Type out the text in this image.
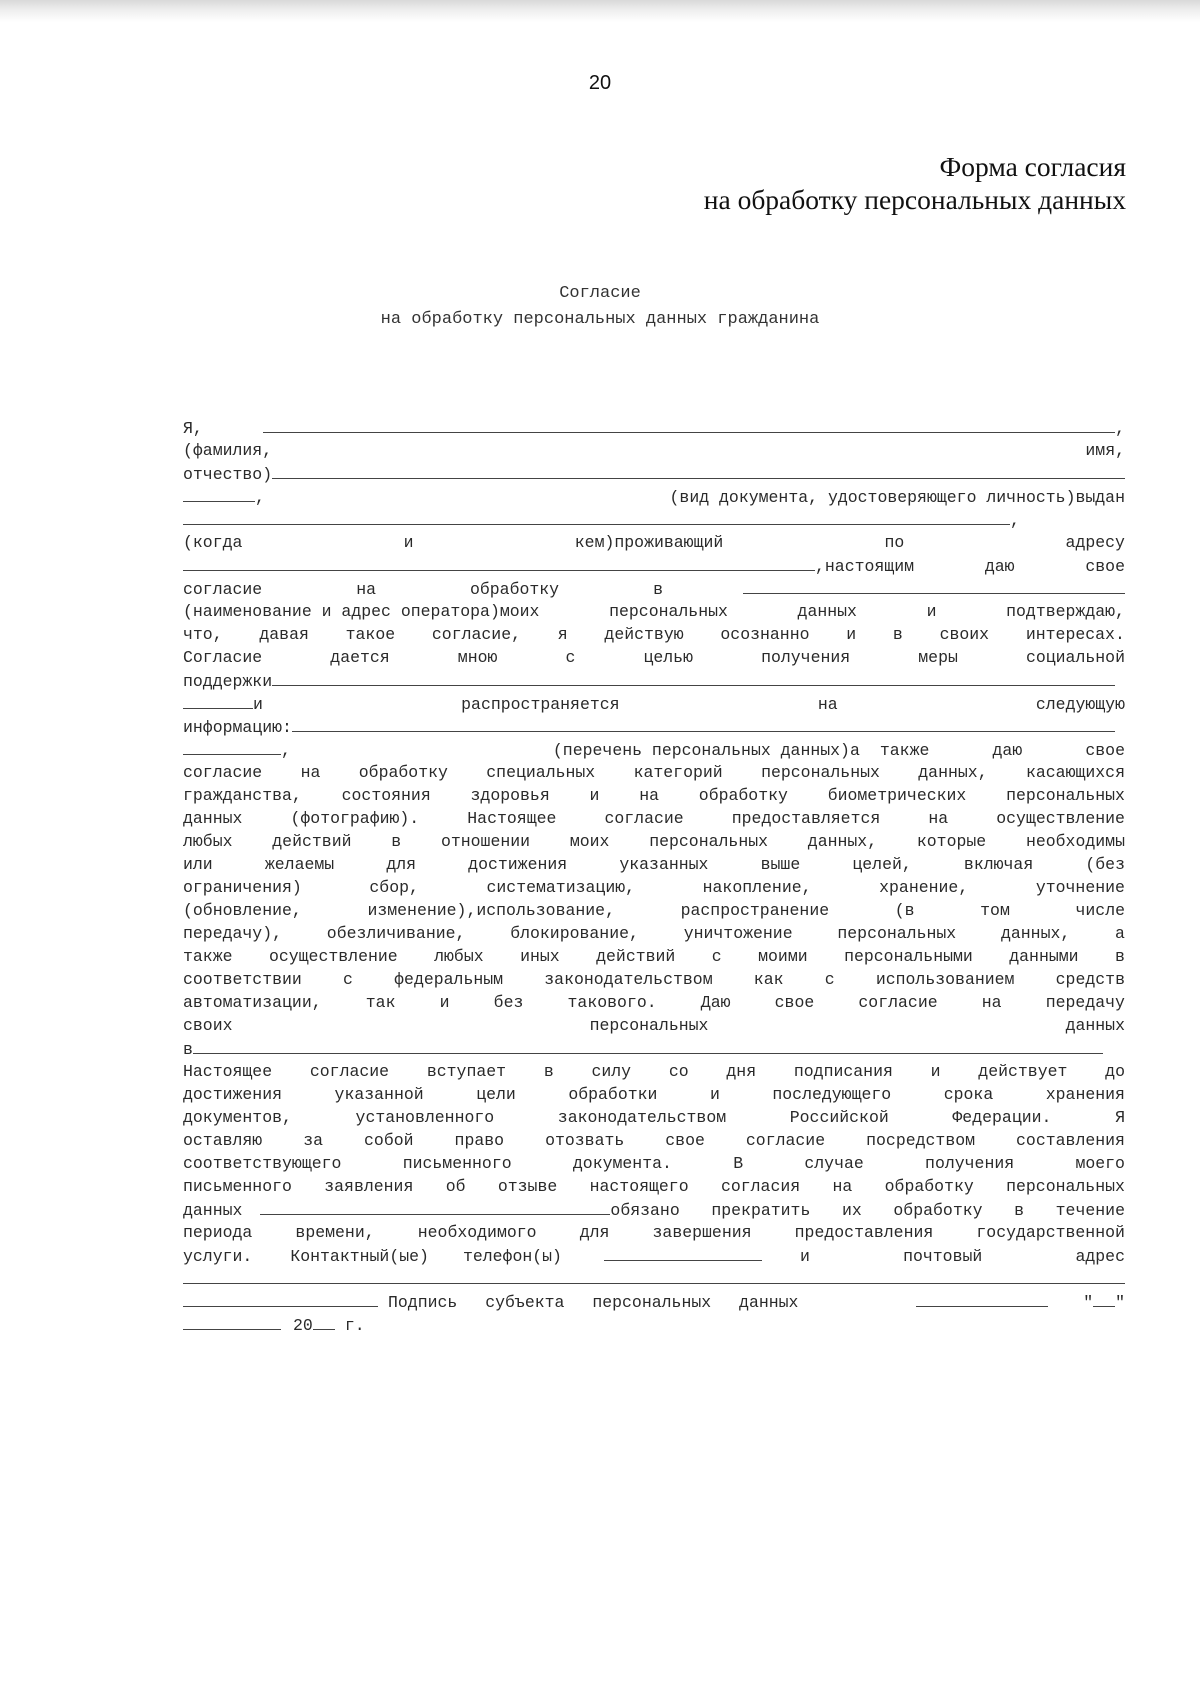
20
Форма согласия
на обработку персональных данных
Согласие
на обработку персональных данных гражданина
Я,	,
(фамилия,	имя,
отчество)
,	(вид документа, удостоверяющего личность)выдан
,
(когда	и	кем)проживающий	по	адресу
,настоящим	даю	свое
согласие	на	обработку	в
(наименование и адрес оператора)моих	персональных	данных	и	подтверждаю,
что, давая такое согласие, я действую осознанно и в своих интересах.
Согласие	дается	мною	с	целью	получения	меры	социальной
поддержки
и	распространяется	на	следующую
информацию:
,	(перечень персональных данных)а также	даю	свое
согласие на обработку специальных категорий персональных данных, касающихся
гражданства, состояния здоровья и на обработку биометрических персональных
данных	(фотографию).	Настоящее	согласие	предоставляется	на	осуществление
любых действий в отношении моих персональных данных, которые необходимы
или	желаемы	для	достижения	указанных	выше	целей,	включая	(без
ограничения)	сбор,	систематизацию,	накопление,	хранение,	уточнение
(обновление,	изменение),использование,	распространение	(в	том	числе
передачу),	обезличивание,	блокирование,	уничтожение	персональных	данных,	а
также осуществление любых иных действий с моими персональными данными в
соответствии с федеральным законодательством как с использованием средств
автоматизации,	так	и	без	такового.	Даю	свое	согласие	на	передачу
своих	персональных	данных
в
Настоящее согласие вступает в силу со дня подписания и действует до
достижения	указанной	цели	обработки	и	последующего	срока	хранения
документов,	установленного	законодательством	Российской	Федерации.	Я
оставляю за собой право отозвать свое согласие посредством составления
соответствующего	письменного	документа.	В	случае	получения	моего
письменного заявления об отзыве настоящего согласия на обработку персональных
данных	обязано прекратить их обработку в течение
периода	времени,	необходимого	для	завершения	предоставления	государственной
услуги. Контактный(ые) телефон(ы)	и	почтовый	адрес
Подпись субъекта персональных данных	" "
20 г.
